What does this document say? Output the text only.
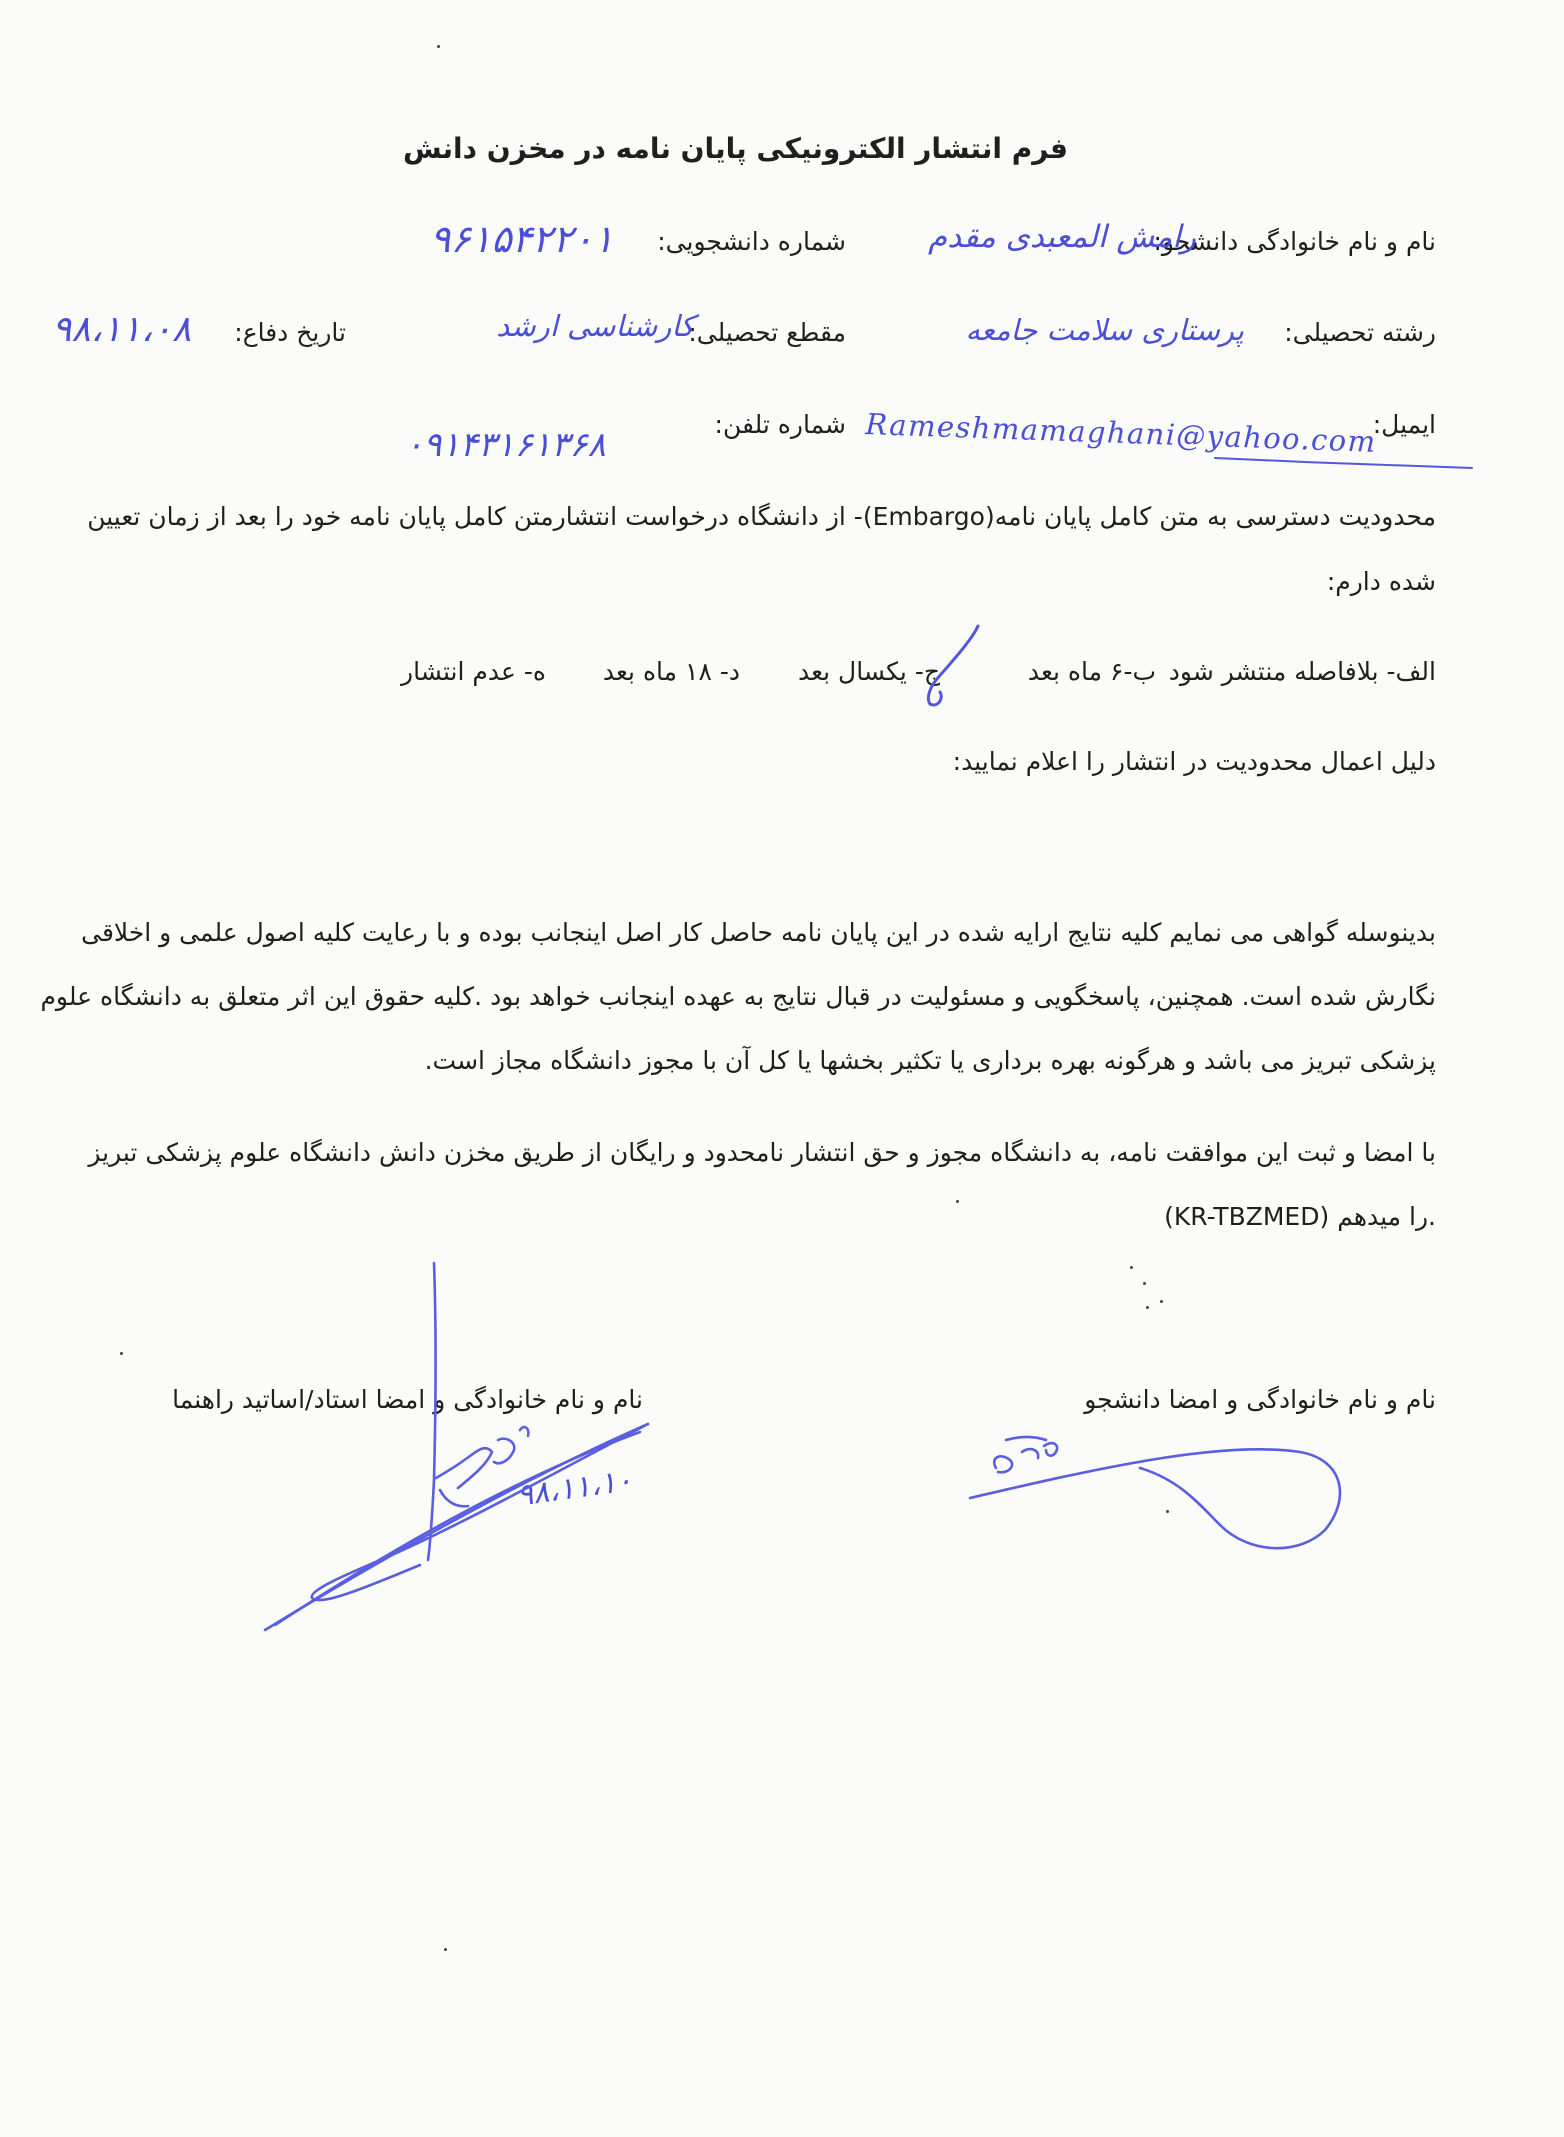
فرم انتشار الکترونیکی پایان نامه در مخزن دانش
نام و نام خانوادگی دانشجو:
رامش المعبدی مقدم
شماره دانشجویی:
۹۶۱۵۴۲۲۰۱
رشته تحصیلی:
پرستاری سلامت جامعه
مقطع تحصیلی:
کارشناسی ارشد
تاریخ دفاع:
۹۸،۱۱،۰۸
ایمیل:
Rameshmamaghani@yahoo.com
شماره تلفن:
۰۹۱۴۳۱۶۱۳۶۸
محدودیت دسترسی به متن کامل پایان نامه(Embargo)- از دانشگاه درخواست انتشارمتن کامل پایان نامه خود را بعد از زمان تعیین
شده دارم:
الف- بلافاصله منتشر شود
ب-۶ ماه بعد
ج- یکسال بعد
د- ۱۸ ماه بعد
ه- عدم انتشار
دلیل اعمال محدودیت در انتشار را اعلام نمایید:
بدینوسله گواهی می نمایم کلیه نتایج ارایه شده در این پایان نامه حاصل کار اصل اینجانب بوده و با رعایت کلیه اصول علمی و اخلاقی
نگارش شده است. همچنین، پاسخگویی و مسئولیت در قبال نتایج به عهده اینجانب خواهد بود .کلیه حقوق این اثر متعلق به دانشگاه علوم
پزشکی تبریز می باشد و هرگونه بهره برداری یا تکثیر بخشها یا کل آن با مجوز دانشگاه مجاز است.
با امضا و ثبت این موافقت نامه، به دانشگاه مجوز و حق انتشار نامحدود و رایگان از طریق مخزن دانش دانشگاه علوم پزشکی تبریز
(KR-TBZMED) را میدهم.
نام و نام خانوادگی و امضا دانشجو
نام و نام خانوادگی و امضا استاد/اساتید راهنما
۹۸،۱۱،۱۰
